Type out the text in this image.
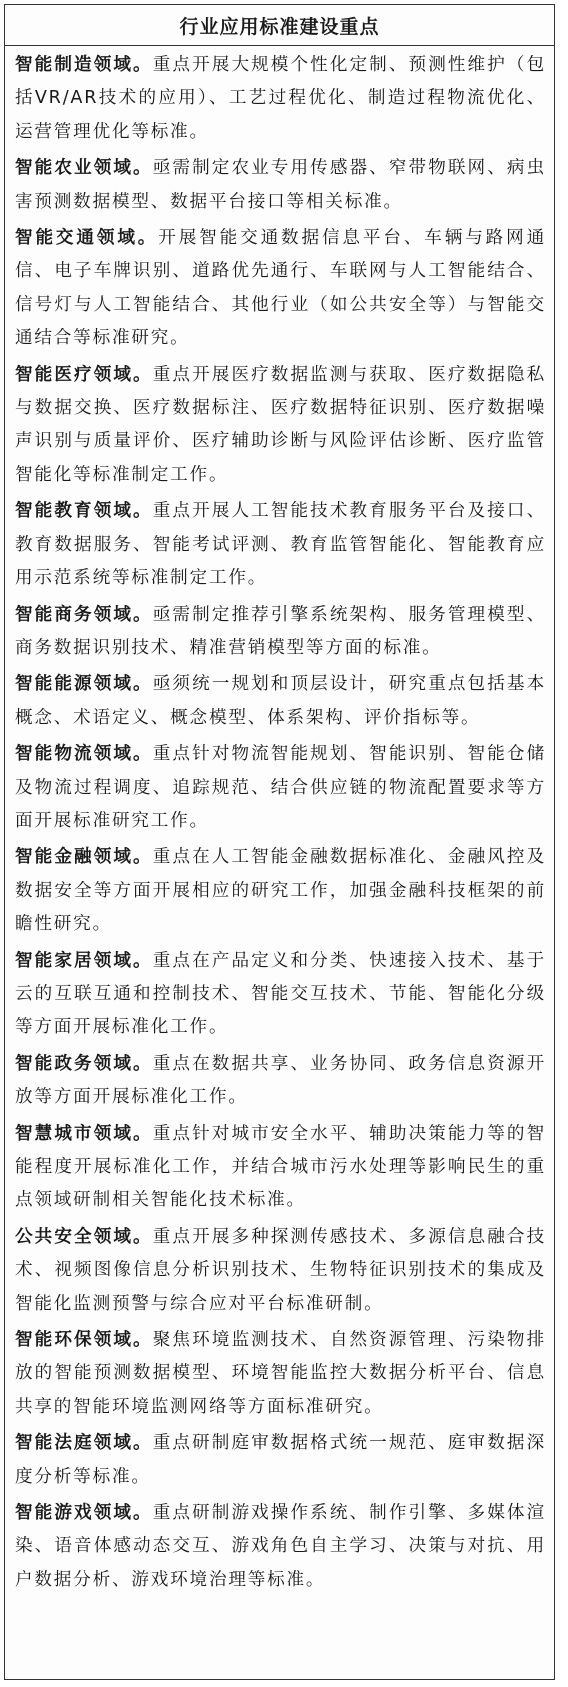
行业应用标准建设重点
智能制造领域。重点开展大规模个性化定制、预测性维护（包括VR/AR技术的应用）、工艺过程优化、制造过程物流优化、运营管理优化等标准。
智能农业领域。亟需制定农业专用传感器、窄带物联网、病虫害预测数据模型、数据平台接口等相关标准。
智能交通领域。开展智能交通数据信息平台、车辆与路网通信、电子车牌识别、道路优先通行、车联网与人工智能结合、信号灯与人工智能结合、其他行业（如公共安全等）与智能交通结合等标准研究。
智能医疗领域。重点开展医疗数据监测与获取、医疗数据隐私与数据交换、医疗数据标注、医疗数据特征识别、医疗数据噪声识别与质量评价、医疗辅助诊断与风险评估诊断、医疗监管智能化等标准制定工作。
智能教育领域。重点开展人工智能技术教育服务平台及接口、教育数据服务、智能考试评测、教育监管智能化、智能教育应用示范系统等标准制定工作。
智能商务领域。亟需制定推荐引擎系统架构、服务管理模型、商务数据识别技术、精准营销模型等方面的标准。
智能能源领域。亟须统一规划和顶层设计，研究重点包括基本概念、术语定义、概念模型、体系架构、评价指标等。
智能物流领域。重点针对物流智能规划、智能识别、智能仓储及物流过程调度、追踪规范、结合供应链的物流配置要求等方面开展标准研究工作。
智能金融领域。重点在人工智能金融数据标准化、金融风控及数据安全等方面开展相应的研究工作，加强金融科技框架的前瞻性研究。
智能家居领域。重点在产品定义和分类、快速接入技术、基于云的互联互通和控制技术、智能交互技术、节能、智能化分级等方面开展标准化工作。
智能政务领域。重点在数据共享、业务协同、政务信息资源开放等方面开展标准化工作。
智慧城市领域。重点针对城市安全水平、辅助决策能力等的智能程度开展标准化工作，并结合城市污水处理等影响民生的重点领域研制相关智能化技术标准。
公共安全领域。重点开展多种探测传感技术、多源信息融合技术、视频图像信息分析识别技术、生物特征识别技术的集成及智能化监测预警与综合应对平台标准研制。
智能环保领域。聚焦环境监测技术、自然资源管理、污染物排放的智能预测数据模型、环境智能监控大数据分析平台、信息共享的智能环境监测网络等方面标准研究。
智能法庭领域。重点研制庭审数据格式统一规范、庭审数据深度分析等标准。
智能游戏领域。重点研制游戏操作系统、制作引擎、多媒体渲染、语音体感动态交互、游戏角色自主学习、决策与对抗、用户数据分析、游戏环境治理等标准。
